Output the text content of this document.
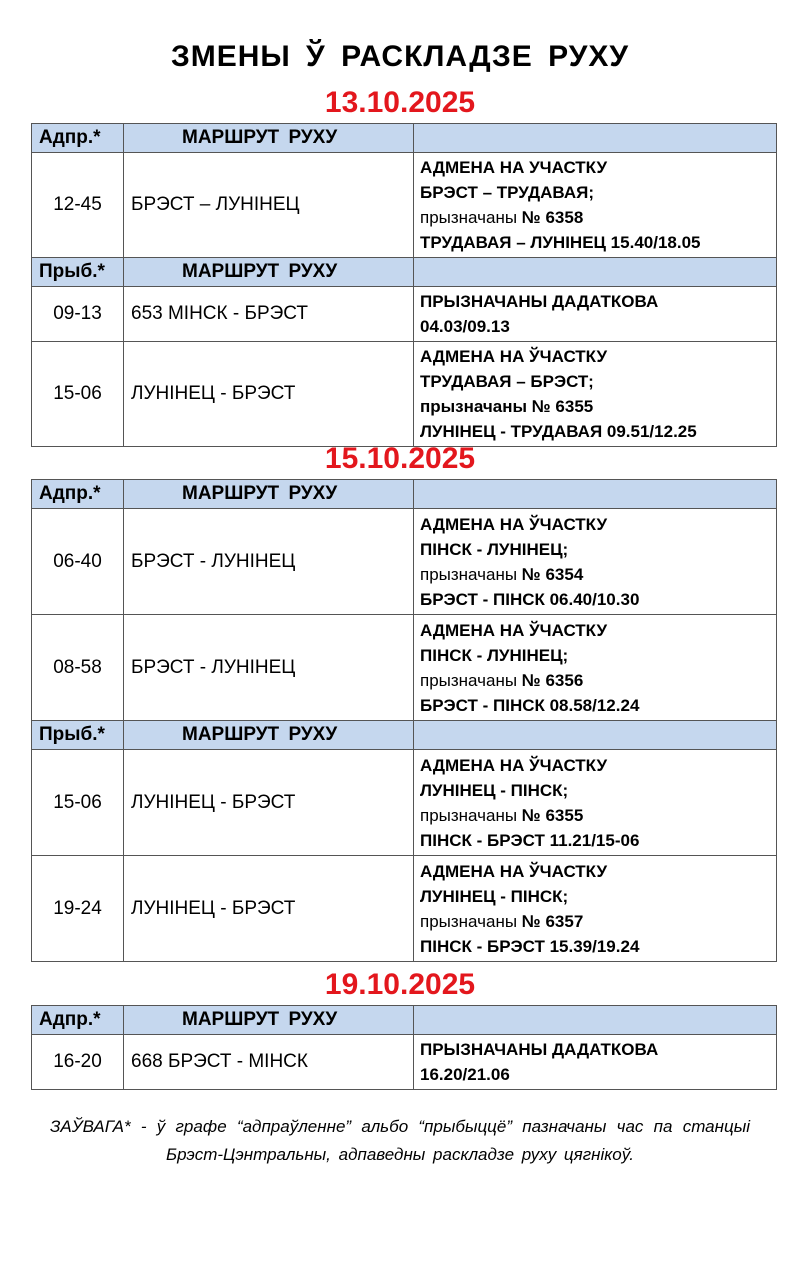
ЗМЕНЫ Ў РАСКЛАДЗЕ РУХУ
13.10.2025
Адпр.*	МАРШРУТ РУХУ	
12-45	БРЭСТ – ЛУНІНЕЦ	АДМЕНА НА УЧАСТКУ
БРЭСТ – ТРУДАВАЯ;
прызначаны № 6358
ТРУДАВАЯ – ЛУНІНЕЦ 15.40/18.05

Прыб.*	МАРШРУТ РУХУ	
09-13	653 МІНСК - БРЭСТ	ПРЫЗНАЧАНЫ ДАДАТКОВА
04.03/09.13

15-06	ЛУНІНЕЦ - БРЭСТ	АДМЕНА НА ЎЧАСТКУ
ТРУДАВАЯ – БРЭСТ;
прызначаны № 6355
ЛУНІНЕЦ - ТРУДАВАЯ 09.51/12.25
15.10.2025
Адпр.*	МАРШРУТ РУХУ	
06-40	БРЭСТ - ЛУНІНЕЦ	АДМЕНА НА ЎЧАСТКУ
ПІНСК - ЛУНІНЕЦ;
прызначаны № 6354
БРЭСТ - ПІНСК 06.40/10.30

08-58	БРЭСТ - ЛУНІНЕЦ	АДМЕНА НА ЎЧАСТКУ
ПІНСК - ЛУНІНЕЦ;
прызначаны № 6356
БРЭСТ - ПІНСК 08.58/12.24

Прыб.*	МАРШРУТ РУХУ	
15-06	ЛУНІНЕЦ - БРЭСТ	АДМЕНА НА ЎЧАСТКУ
ЛУНІНЕЦ - ПІНСК;
прызначаны № 6355
ПІНСК - БРЭСТ 11.21/15-06

19-24	ЛУНІНЕЦ - БРЭСТ	АДМЕНА НА ЎЧАСТКУ
ЛУНІНЕЦ - ПІНСК;
прызначаны № 6357
ПІНСК - БРЭСТ 15.39/19.24
19.10.2025
Адпр.*	МАРШРУТ РУХУ	
16-20	668 БРЭСТ - МІНСК	ПРЫЗНАЧАНЫ ДАДАТКОВА
16.20/21.06
ЗАЎВАГА* - ў графе “адпраўленне” альбо “прыбыццё” пазначаны час па станцыі Брэст-Цэнтральны, адпаведны раскладзе руху цягнікоў.
